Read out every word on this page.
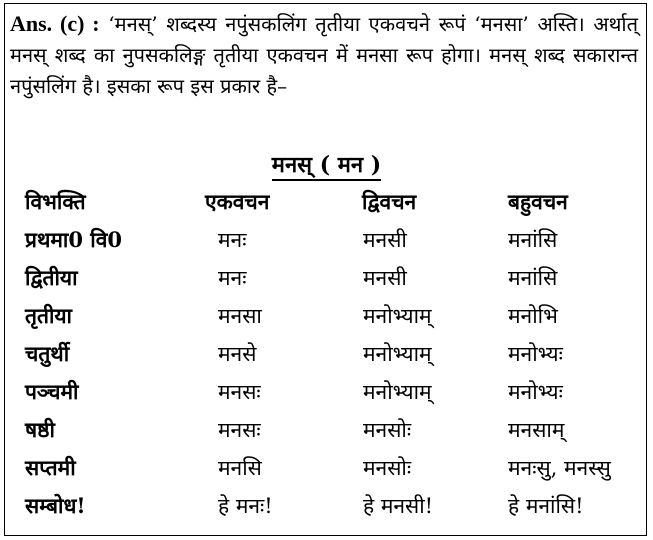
Ans. (c) : ‘मनस्’ शब्दस्य नपुंसकलिंग तृतीया एकवचने रूपं ‘मनसा’ अस्ति। अर्थात् मनस् शब्द का नुपसकलिङ्ग तृतीया एकवचन में मनसा रूप होगा। मनस् शब्द सकारान्त नपुंसलिंग है। इसका रूप इस प्रकार है–
मनस् ( मन )
विभक्ति	एकवचन	द्विवचन	बहुवचन
प्रथमा0 वि0	मनः	मनसी	मनांसि
द्वितीया	मनः	मनसी	मनांसि
तृतीया	मनसा	मनोभ्याम्	मनोभि
चतुर्थी	मनसे	मनोभ्याम्	मनोभ्यः
पञ्चमी	मनसः	मनोभ्याम्	मनोभ्यः
षष्ठी	मनसः	मनसोः	मनसाम्
सप्तमी	मनसि	मनसोः	मनःसु, मनस्सु
सम्बोध!	हे मनः!	हे मनसी!	हे मनांसि!
